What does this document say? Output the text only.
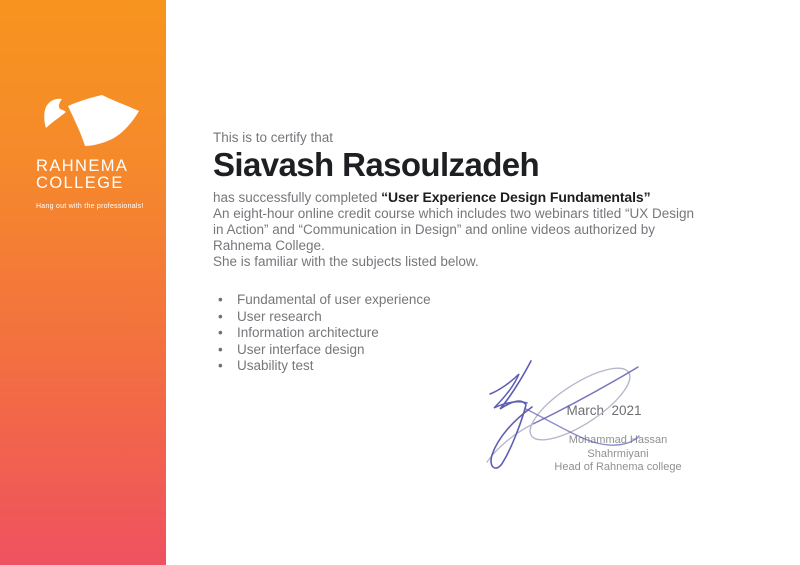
RAHNEMA
COLLEGE
Hang out with the professionals!
This is to certify that
Siavash Rasoulzadeh
has successfully completed “User Experience Design Fundamentals”
An eight-hour online credit course which includes two webinars titled “UX Design
in Action” and “Communication in Design” and online videos authorized by
Rahnema College.
She is familiar with the subjects listed below.
•	Fundamental of user experience
•	User research
•	Information architecture
•	User interface design
•	Usability test
March  2021
Mohammad Hassan Shahrmiyani
Head of Rahnema college
